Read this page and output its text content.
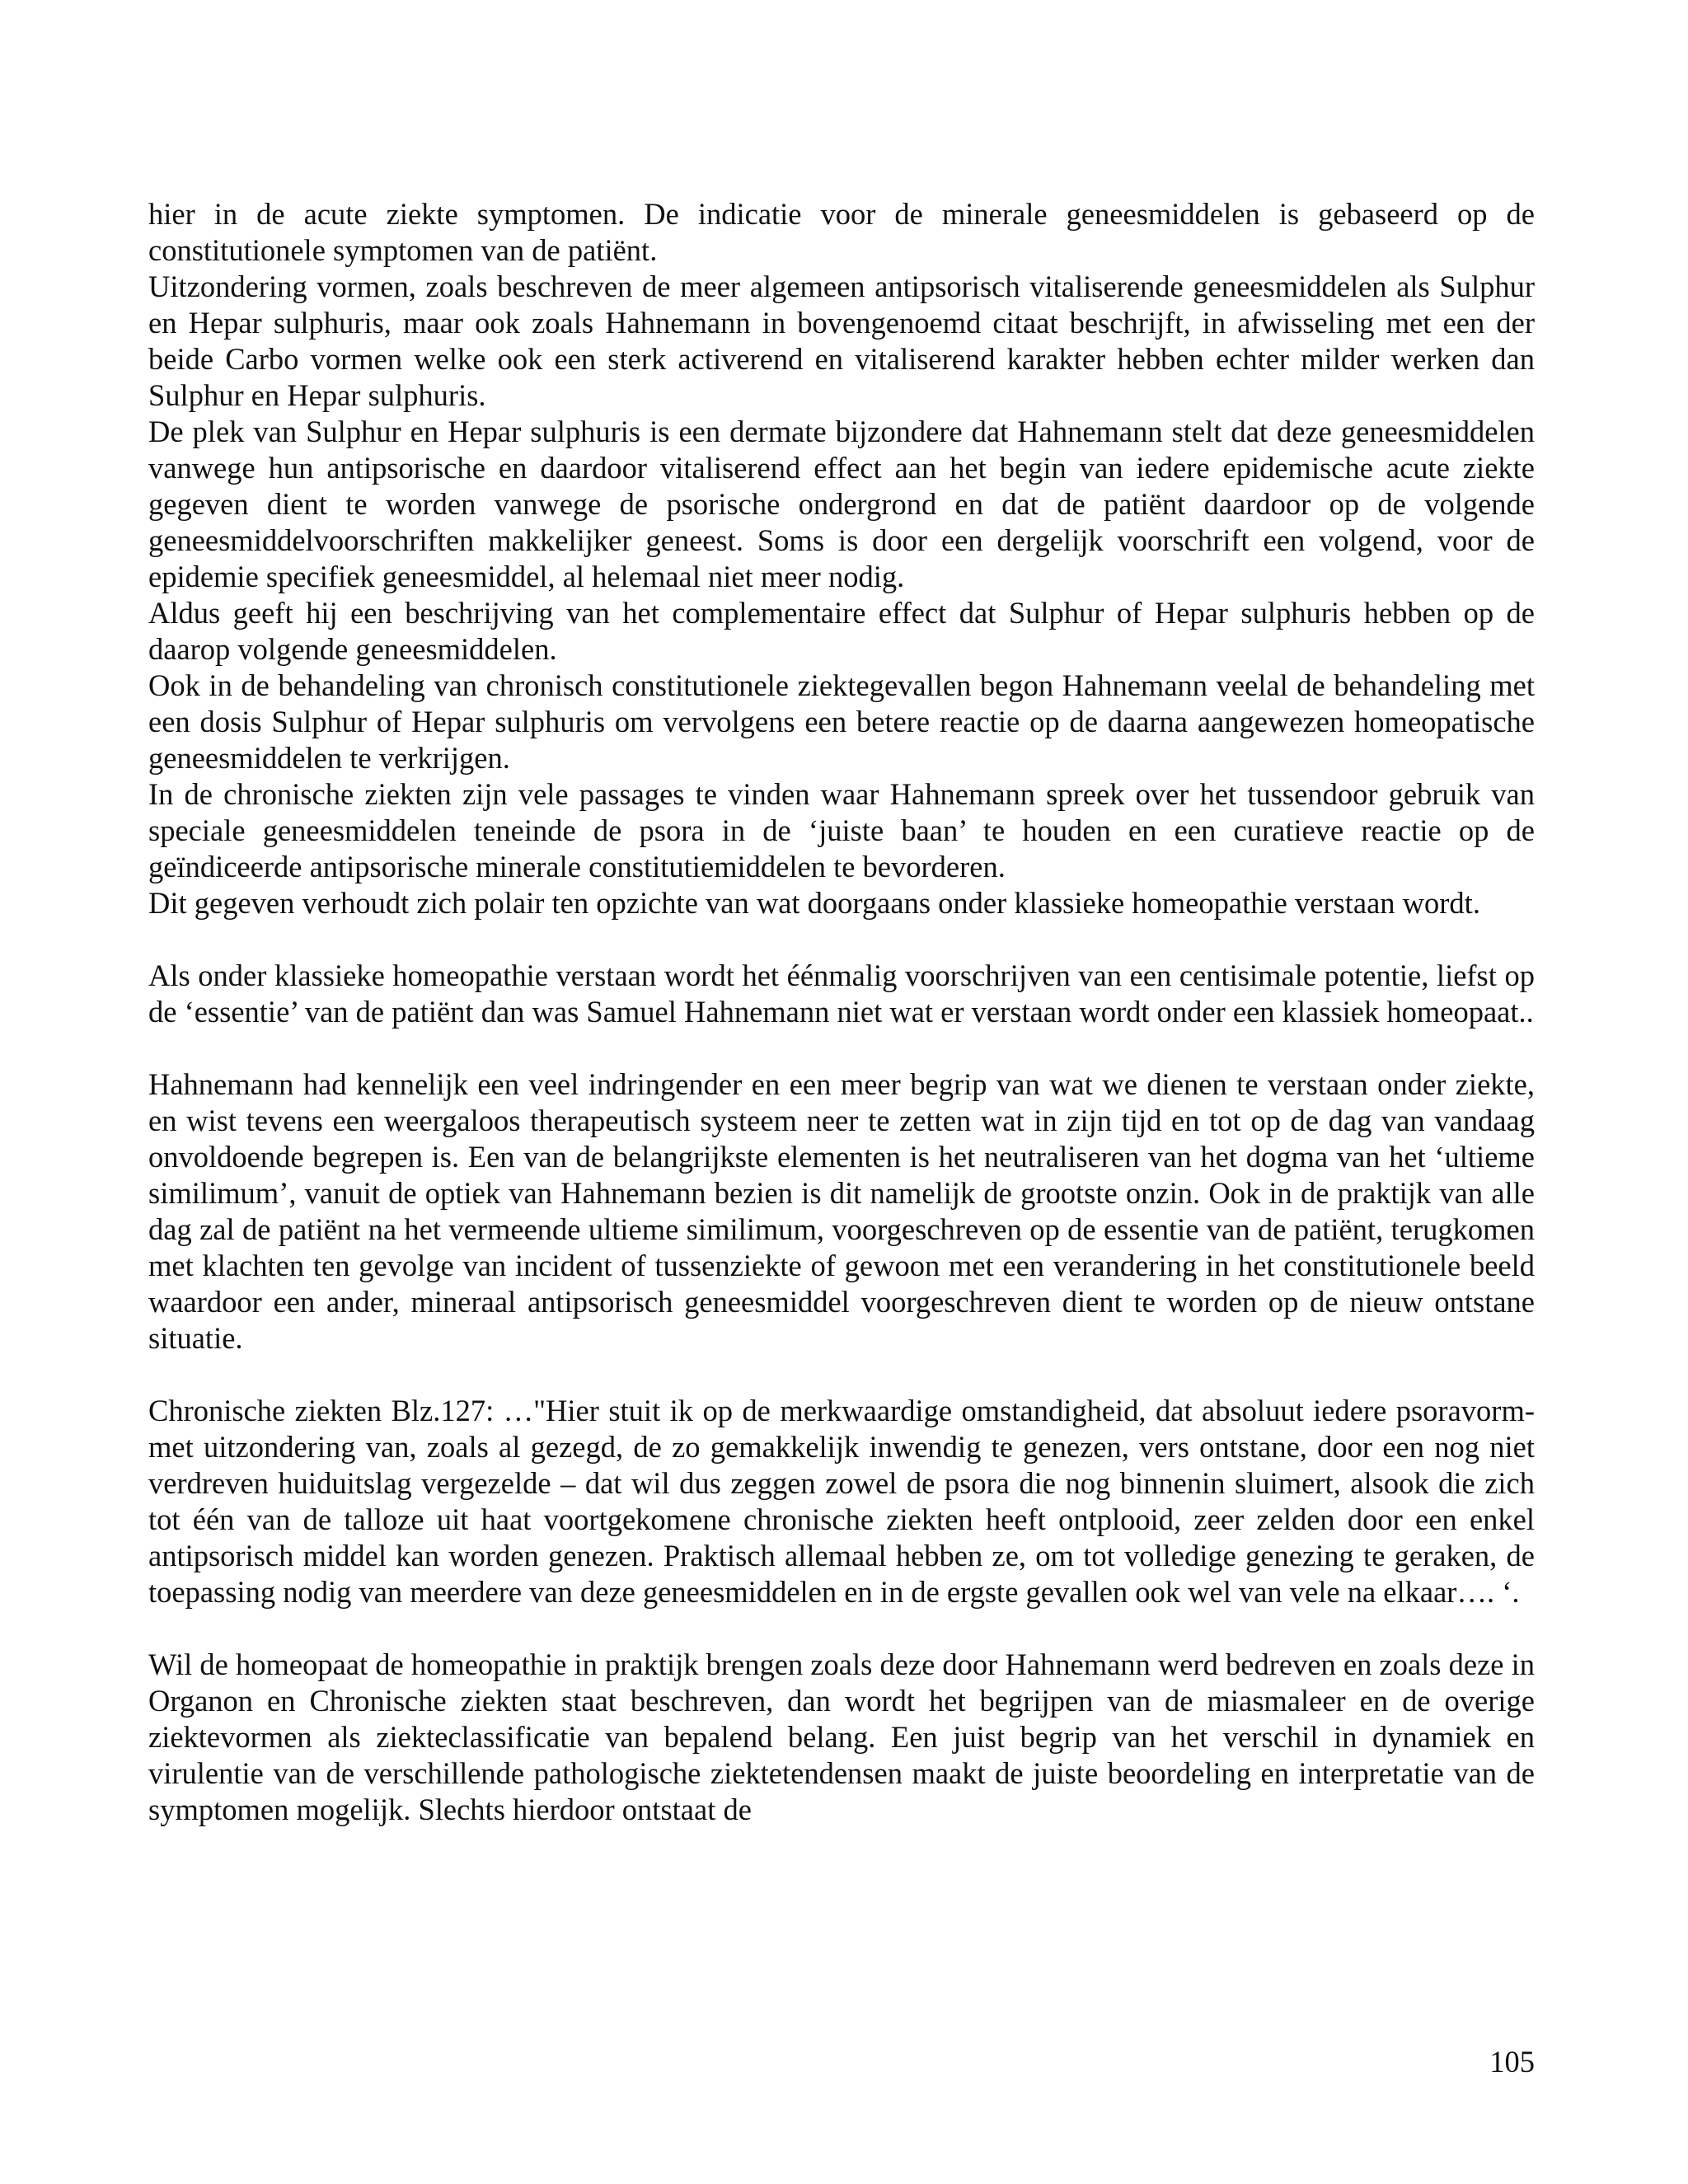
hier in de acute ziekte symptomen. De indicatie voor de minerale geneesmiddelen is gebaseerd op de constitutionele symptomen van de patiënt.

Uitzondering vormen, zoals beschreven de meer algemeen antipsorisch vitaliserende geneesmiddelen als Sulphur en Hepar sulphuris, maar ook zoals Hahnemann in bovengenoemd citaat beschrijft, in afwisseling met een der beide Carbo vormen welke ook een sterk activerend en vitaliserend karakter hebben echter milder werken dan Sulphur en Hepar sulphuris.

De plek van Sulphur en Hepar sulphuris is een dermate bijzondere dat Hahnemann stelt dat deze geneesmiddelen vanwege hun antipsorische en daardoor vitaliserend effect aan het begin van iedere epidemische acute ziekte gegeven dient te worden vanwege de psorische ondergrond en dat de patiënt daardoor op de volgende geneesmiddelvoorschriften makkelijker geneest. Soms is door een dergelijk voorschrift een volgend, voor de epidemie specifiek geneesmiddel, al helemaal niet meer nodig.

Aldus geeft hij een beschrijving van het complementaire effect dat Sulphur of Hepar sulphuris hebben op de daarop volgende geneesmiddelen.

Ook in de behandeling van chronisch constitutionele ziektegevallen begon Hahnemann veelal de behandeling met een dosis Sulphur of Hepar sulphuris om vervolgens een betere reactie op de daarna aangewezen homeopatische geneesmiddelen te verkrijgen.

In de chronische ziekten zijn vele passages te vinden waar Hahnemann spreek over het tussendoor gebruik van speciale geneesmiddelen teneinde de psora in de ‘juiste baan’ te houden en een curatieve reactie op de geïndiceerde antipsorische minerale constitutiemiddelen te bevorderen.

Dit gegeven verhoudt zich polair ten opzichte van wat doorgaans onder klassieke homeopathie verstaan wordt.

Als onder klassieke homeopathie verstaan wordt het éénmalig voorschrijven van een centisimale potentie, liefst op de ‘essentie’ van de patiënt dan was Samuel Hahnemann niet wat er verstaan wordt onder een klassiek homeopaat..

Hahnemann had kennelijk een veel indringender en een meer begrip van wat we dienen te verstaan onder ziekte, en wist tevens een weergaloos therapeutisch systeem neer te zetten wat in zijn tijd en tot op de dag van vandaag onvoldoende begrepen is. Een van de belangrijkste elementen is het neutraliseren van het dogma van het ‘ultieme similimum’, vanuit de optiek van Hahnemann bezien is dit namelijk de grootste onzin. Ook in de praktijk van alle dag zal de patiënt na het vermeende ultieme similimum, voorgeschreven op de essentie van de patiënt, terugkomen met klachten ten gevolge van incident of tussenziekte of gewoon met een verandering in het constitutionele beeld waardoor een ander, mineraal antipsorisch geneesmiddel voorgeschreven dient te worden op de nieuw ontstane situatie.

Chronische ziekten Blz.127: …"Hier stuit ik op de merkwaardige omstandigheid, dat absoluut iedere psoravorm- met uitzondering van, zoals al gezegd, de zo gemakkelijk inwendig te genezen, vers ontstane, door een nog niet verdreven huiduitslag vergezelde – dat wil dus zeggen zowel de psora die nog binnenin sluimert, alsook die zich tot één van de talloze uit haat voortgekomene chronische ziekten heeft ontplooid, zeer zelden door een enkel antipsorisch middel kan worden genezen. Praktisch allemaal hebben ze, om tot volledige genezing te geraken, de toepassing nodig van meerdere van deze geneesmiddelen en in de ergste gevallen ook wel van vele na elkaar…. ‘.

Wil de homeopaat de homeopathie in praktijk brengen zoals deze door Hahnemann werd bedreven en zoals deze in Organon en Chronische ziekten staat beschreven, dan wordt het begrijpen van de miasmaleer en de overige ziektevormen als ziekteclassificatie van bepalend belang. Een juist begrip van het verschil in dynamiek en virulentie van de verschillende pathologische ziektetendensen maakt de juiste beoordeling en interpretatie van de symptomen mogelijk. Slechts hierdoor ontstaat de

105
